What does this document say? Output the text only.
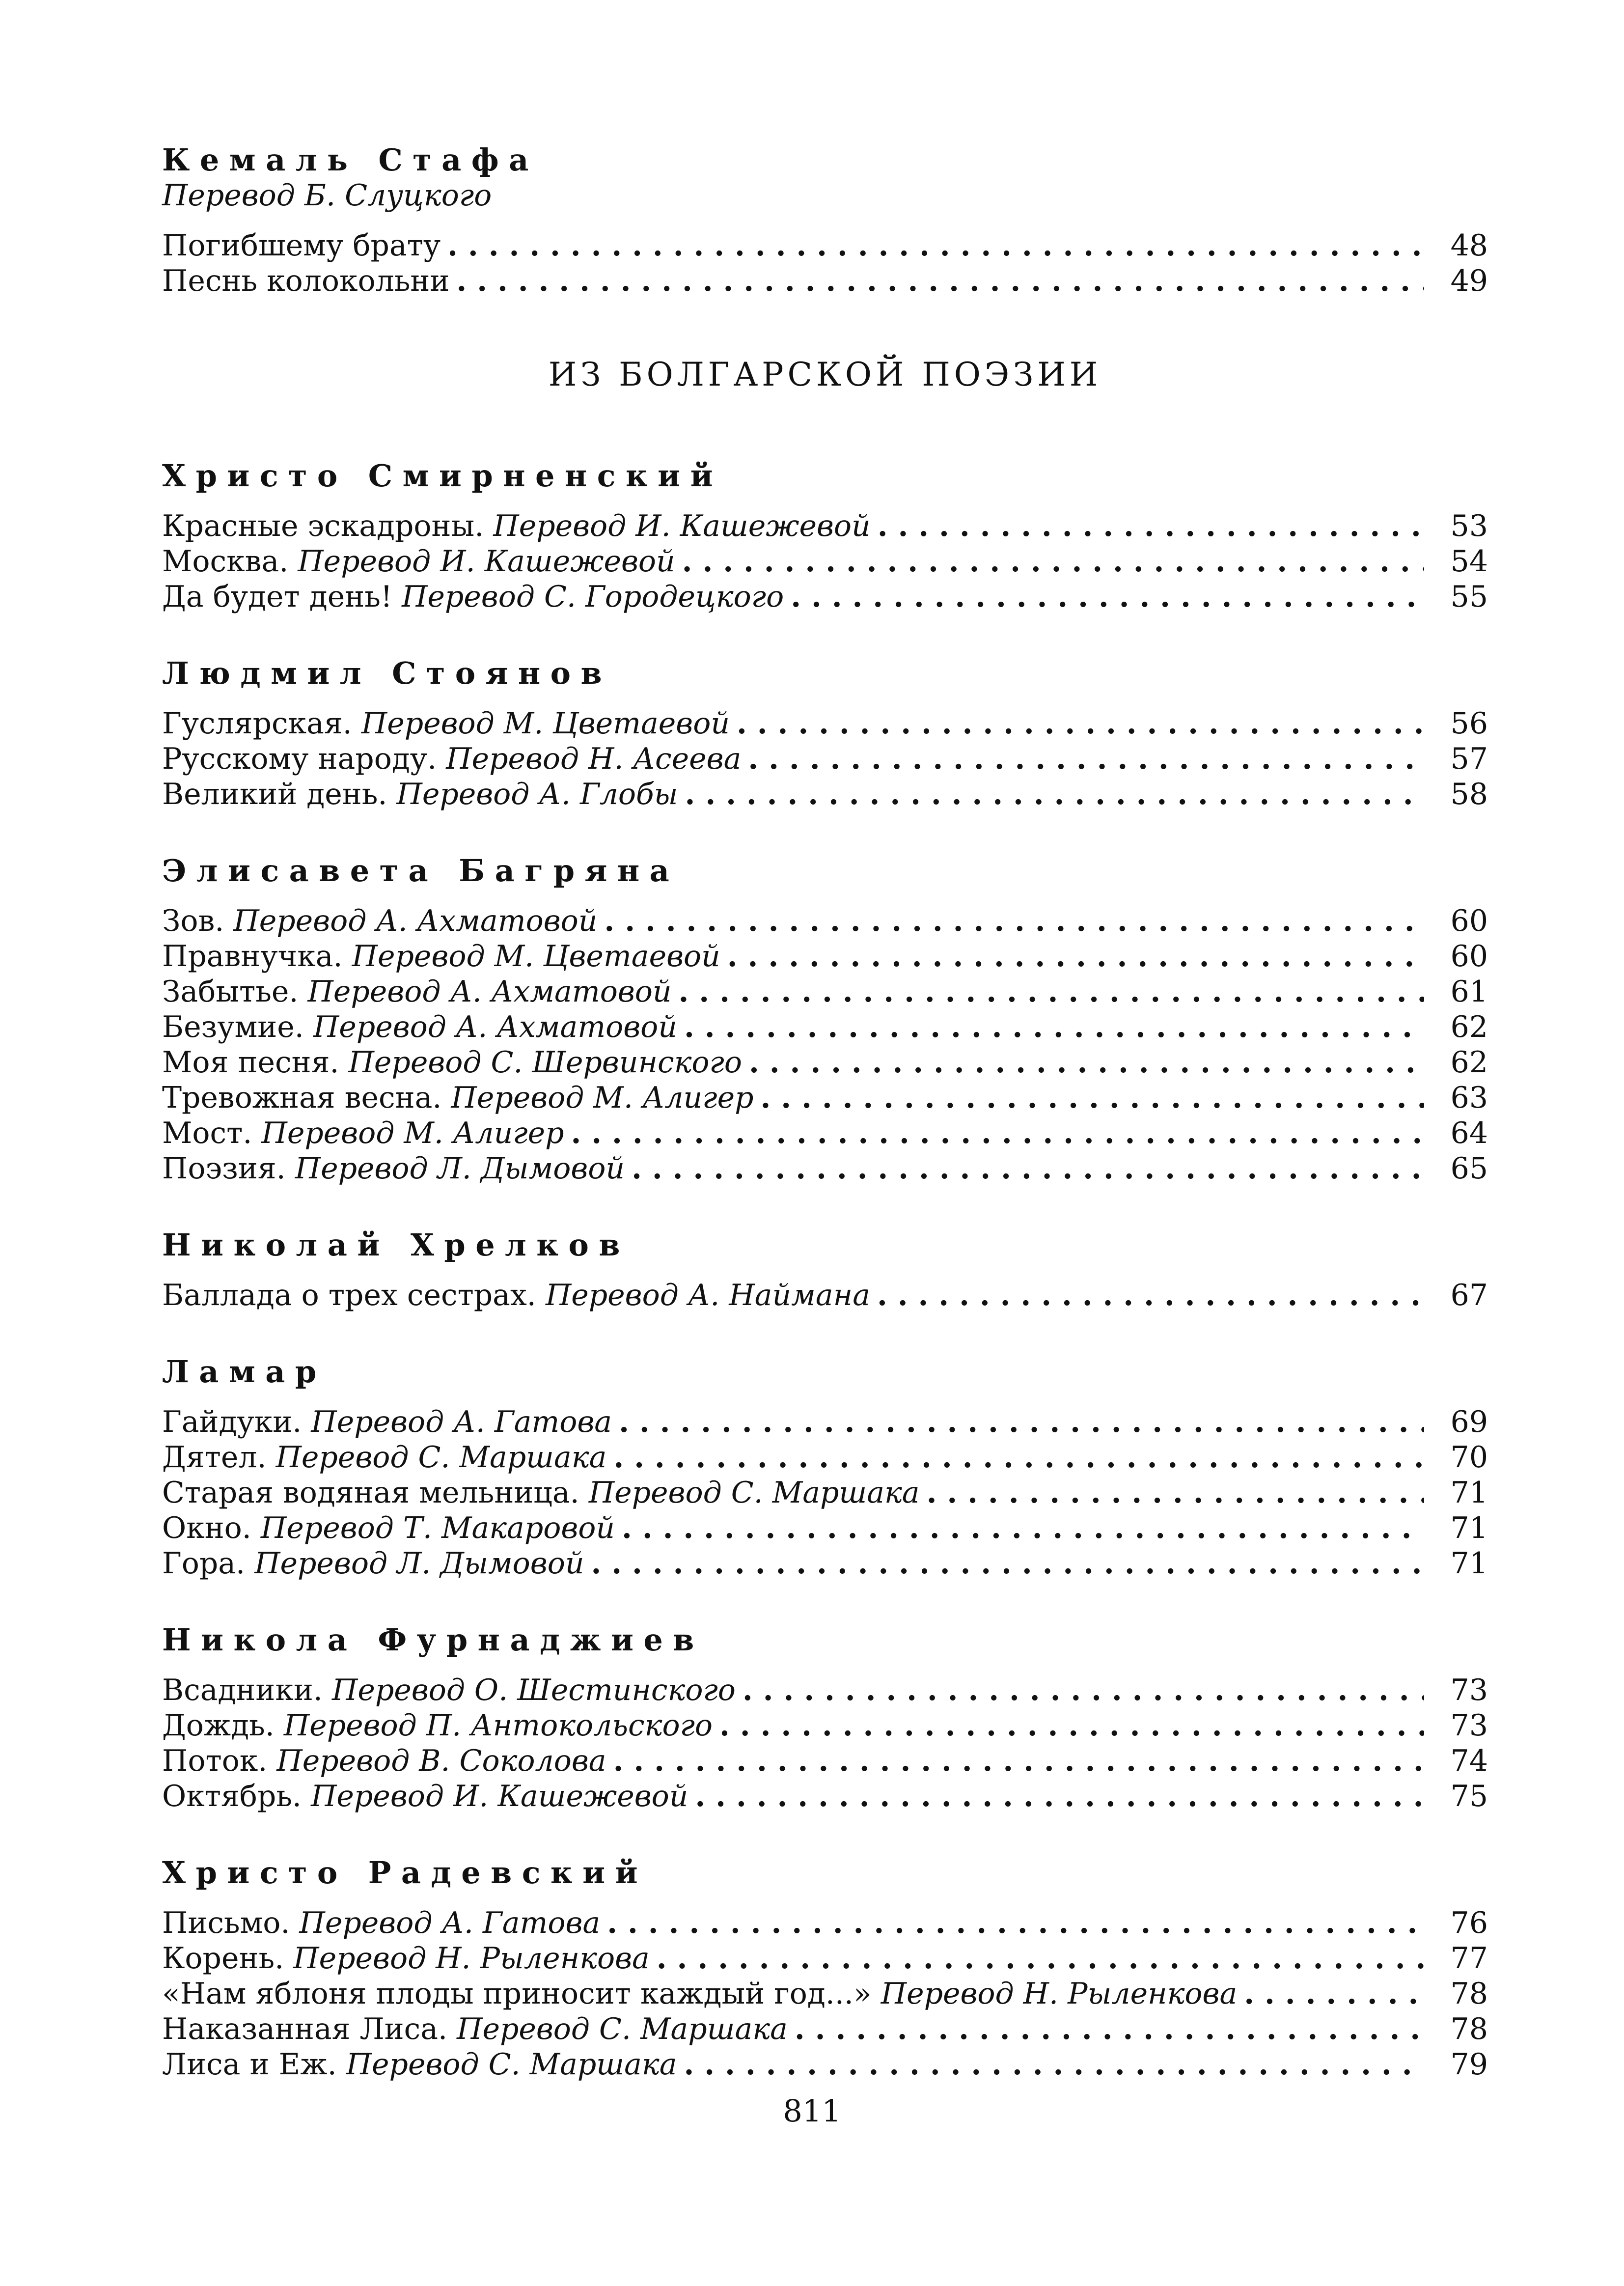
Кемаль Стафа
Перевод Б. Слуцкого
Погибшему брату . . .	48
Песнь колокольни . . .	49
ИЗ БОЛГАРСКОЙ ПОЭЗИИ
Христо Смирненский
Красные эскадроны. Перевод И. Кашежевой . . .	53
Москва. Перевод И. Кашежевой . . .	54
Да будет день! Перевод С. Городецкого . . .	55
Людмил Стоянов
Гуслярская. Перевод М. Цветаевой . . .	56
Русскому народу. Перевод Н. Асеева . . .	57
Великий день. Перевод А. Глобы . . .	58
Элисавета Багряна
Зов. Перевод А. Ахматовой . . .	60
Правнучка. Перевод М. Цветаевой . . .	60
Забытье. Перевод А. Ахматовой . . .	61
Безумие. Перевод А. Ахматовой . . .	62
Моя песня. Перевод С. Шервинского . . .	62
Тревожная весна. Перевод М. Алигер . . .	63
Мост. Перевод М. Алигер . . .	64
Поэзия. Перевод Л. Дымовой . . .	65
Николай Хрелков
Баллада о трех сестрах. Перевод А. Наймана . . .	67
Ламар
Гайдуки. Перевод А. Гатова . . .	69
Дятел. Перевод С. Маршака . . .	70
Старая водяная мельница. Перевод С. Маршака . . .	71
Окно. Перевод Т. Макаровой . . .	71
Гора. Перевод Л. Дымовой . . .	71
Никола Фурнаджиев
Всадники. Перевод О. Шестинского . . .	73
Дождь. Перевод П. Антокольского . . .	73
Поток. Перевод В. Соколова . . .	74
Октябрь. Перевод И. Кашежевой . . .	75
Христо Радевский
Письмо. Перевод А. Гатова . . .	76
Корень. Перевод Н. Рыленкова . . .	77
«Нам яблоня плоды приносит каждый год...» Перевод Н. Рыленкова . . .	78
Наказанная Лиса. Перевод С. Маршака . . .	78
Лиса и Еж. Перевод С. Маршака . . .	79
811
